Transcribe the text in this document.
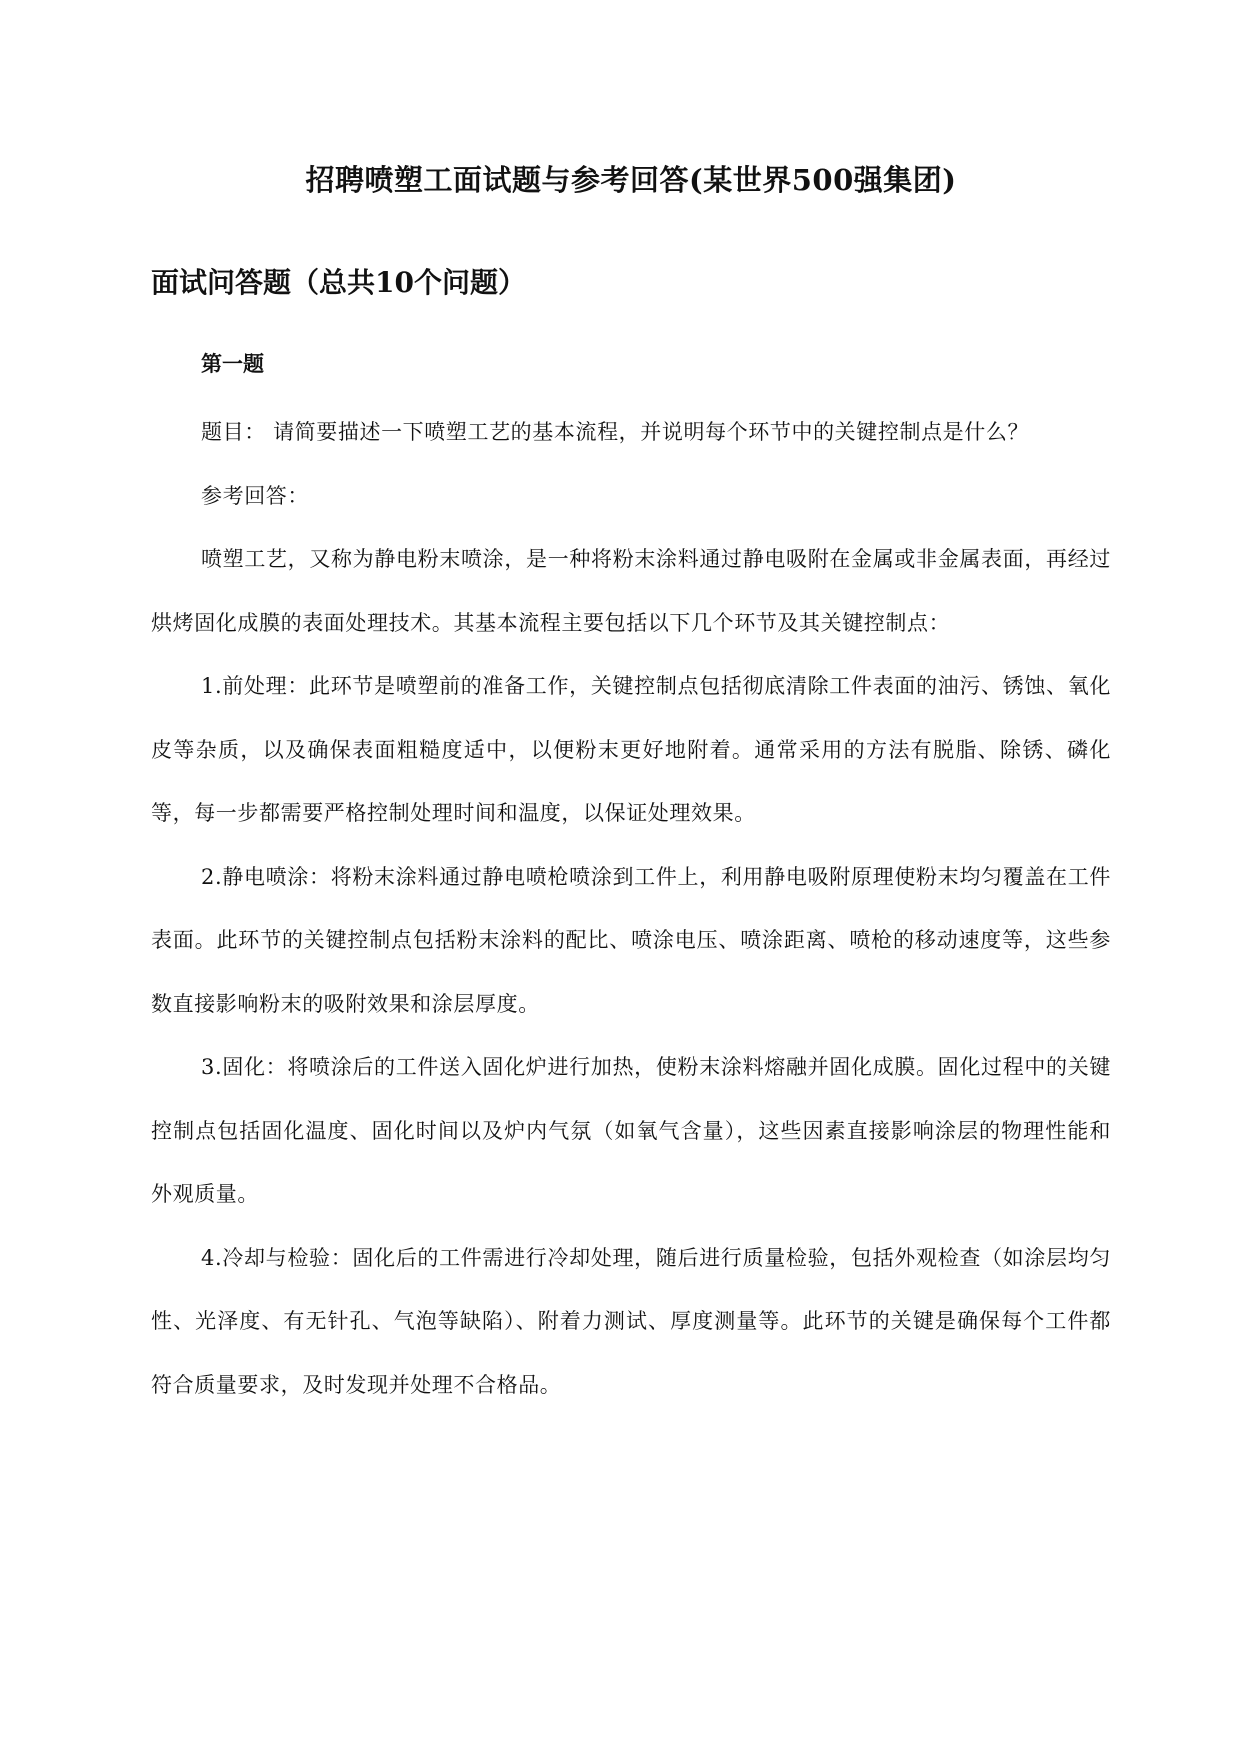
招聘喷塑工面试题与参考回答(某世界500强集团)
面试问答题（总共10个问题）
第一题

题目： 请简要描述一下喷塑工艺的基本流程，并说明每个环节中的关键控制点是什么？

参考回答：

喷塑工艺，又称为静电粉末喷涂，是一种将粉末涂料通过静电吸附在金属或非金属表面，再经过烘烤固化成膜的表面处理技术。其基本流程主要包括以下几个环节及其关键控制点：

1.前处理：此环节是喷塑前的准备工作，关键控制点包括彻底清除工件表面的油污、锈蚀、氧化皮等杂质，以及确保表面粗糙度适中，以便粉末更好地附着。通常采用的方法有脱脂、除锈、磷化等，每一步都需要严格控制处理时间和温度，以保证处理效果。

2.静电喷涂：将粉末涂料通过静电喷枪喷涂到工件上，利用静电吸附原理使粉末均匀覆盖在工件表面。此环节的关键控制点包括粉末涂料的配比、喷涂电压、喷涂距离、喷枪的移动速度等，这些参数直接影响粉末的吸附效果和涂层厚度。

3.固化：将喷涂后的工件送入固化炉进行加热，使粉末涂料熔融并固化成膜。固化过程中的关键控制点包括固化温度、固化时间以及炉内气氛（如氧气含量），这些因素直接影响涂层的物理性能和外观质量。

4.冷却与检验：固化后的工件需进行冷却处理，随后进行质量检验，包括外观检查（如涂层均匀性、光泽度、有无针孔、气泡等缺陷）、附着力测试、厚度测量等。此环节的关键是确保每个工件都符合质量要求，及时发现并处理不合格品。
